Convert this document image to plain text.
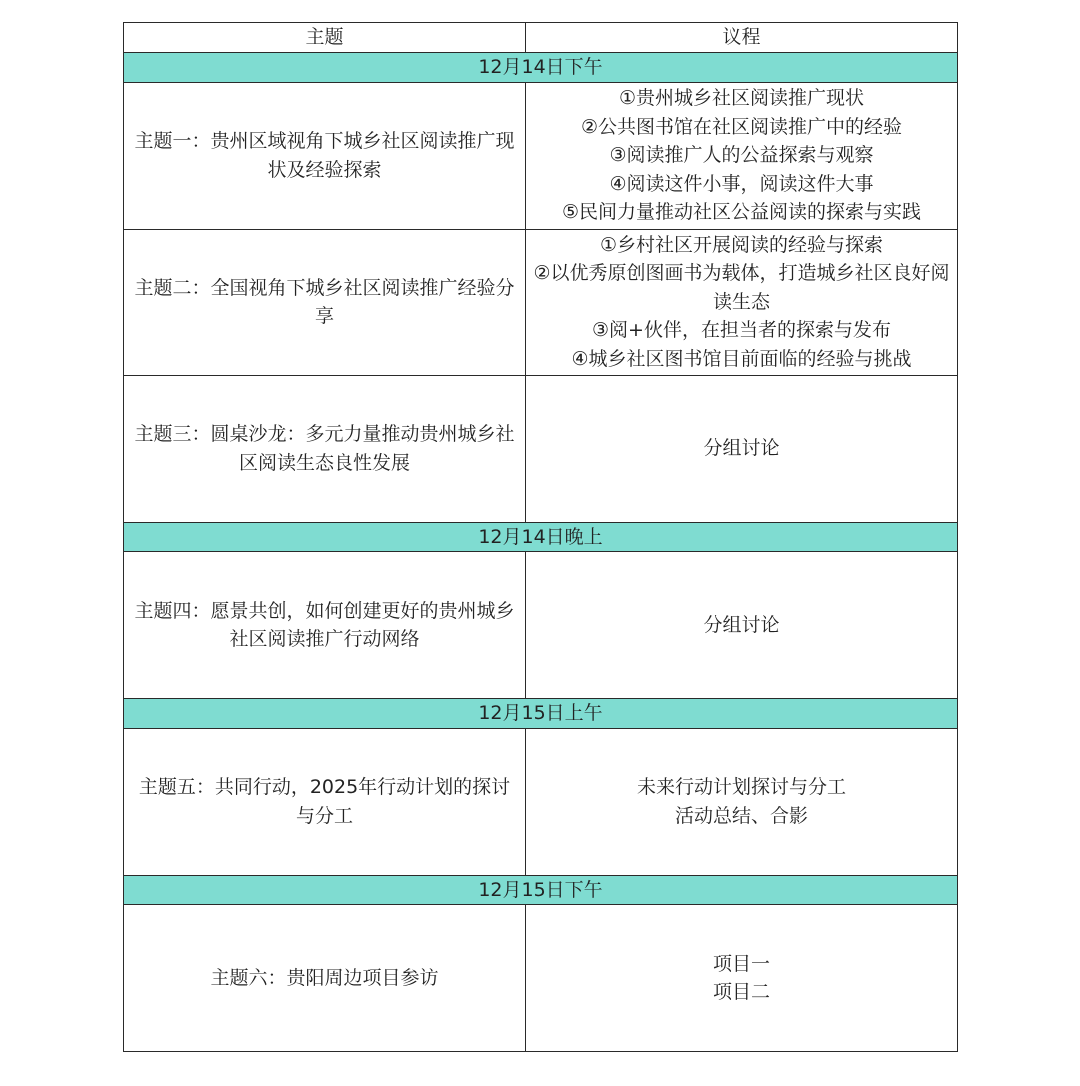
主题	议程
12月14日下午	
主题一：贵州区域视角下城乡社区阅读推广现状及经验探索	①贵州城乡社区阅读推广现状
②公共图书馆在社区阅读推广中的经验
③阅读推广人的公益探索与观察
④阅读这件小事，阅读这件大事
⑤民间力量推动社区公益阅读的探索与实践

主题二：全国视角下城乡社区阅读推广经验分享	①乡村社区开展阅读的经验与探索
②以优秀原创图画书为载体，打造城乡社区良好阅读生态
③阅+伙伴，在担当者的探索与发布
④城乡社区图书馆目前面临的经验与挑战

主题三：圆桌沙龙：多元力量推动贵州城乡社区阅读生态良性发展	分组讨论

12月14日晚上	
主题四：愿景共创，如何创建更好的贵州城乡社区阅读推广行动网络	分组讨论

12月15日上午	
主题五：共同行动，2025年行动计划的探讨与分工	未来行动计划探讨与分工
活动总结、合影

12月15日下午	
主题六：贵阳周边项目参访	项目一
项目二
